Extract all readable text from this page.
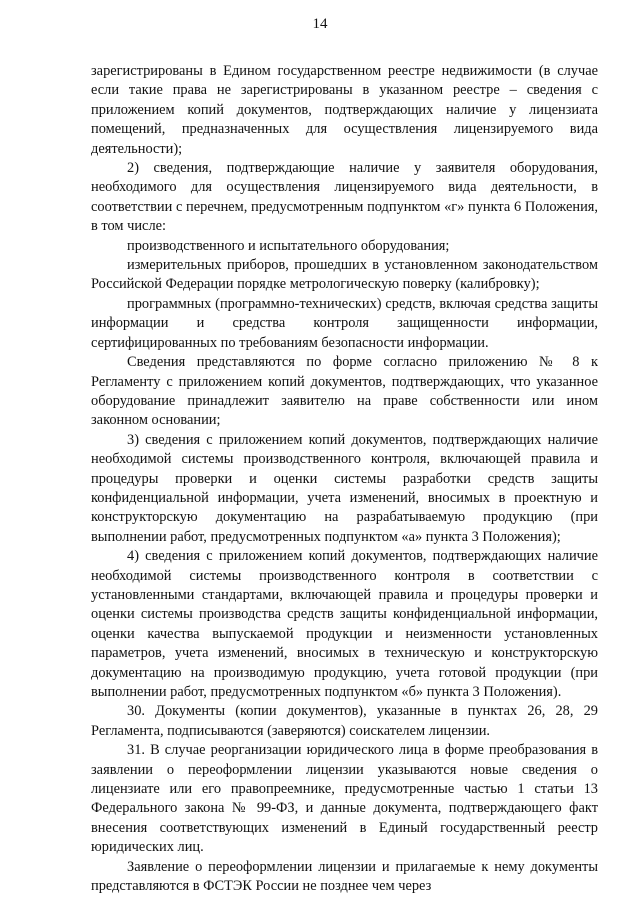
14

зарегистрированы в Едином государственном реестре недвижимости (в случае если такие права не зарегистрированы в указанном реестре – сведения с приложением копий документов, подтверждающих наличие у лицензиата помещений, предназначенных для осуществления лицензируемого вида деятельности);

2) сведения, подтверждающие наличие у заявителя оборудования, необходимого для осуществления лицензируемого вида деятельности, в соответствии с перечнем, предусмотренным подпунктом «г» пункта 6 Положения, в том числе:

производственного и испытательного оборудования;

измерительных приборов, прошедших в установленном законодательством Российской Федерации порядке метрологическую поверку (калибровку);

программных (программно-технических) средств, включая средства защиты информации и средства контроля защищенности информации, сертифицированных по требованиям безопасности информации.

Сведения представляются по форме согласно приложению № 8 к Регламенту с приложением копий документов, подтверждающих, что указанное оборудование принадлежит заявителю на праве собственности или ином законном основании;

3) сведения с приложением копий документов, подтверждающих наличие необходимой системы производственного контроля, включающей правила и процедуры проверки и оценки системы разработки средств защиты конфиденциальной информации, учета изменений, вносимых в проектную и конструкторскую документацию на разрабатываемую продукцию (при выполнении работ, предусмотренных подпунктом «а» пункта 3 Положения);

4) сведения с приложением копий документов, подтверждающих наличие необходимой системы производственного контроля в соответствии с установленными стандартами, включающей правила и процедуры проверки и оценки системы производства средств защиты конфиденциальной информации, оценки качества выпускаемой продукции и неизменности установленных параметров, учета изменений, вносимых в техническую и конструкторскую документацию на производимую продукцию, учета готовой продукции (при выполнении работ, предусмотренных подпунктом «б» пункта 3 Положения).

30. Документы (копии документов), указанные в пунктах 26, 28, 29 Регламента, подписываются (заверяются) соискателем лицензии.

31. В случае реорганизации юридического лица в форме преобразования в заявлении о переоформлении лицензии указываются новые сведения о лицензиате или его правопреемнике, предусмотренные частью 1 статьи 13 Федерального закона № 99-ФЗ, и данные документа, подтверждающего факт внесения соответствующих изменений в Единый государственный реестр юридических лиц.

Заявление о переоформлении лицензии и прилагаемые к нему документы представляются в ФСТЭК России не позднее чем через
